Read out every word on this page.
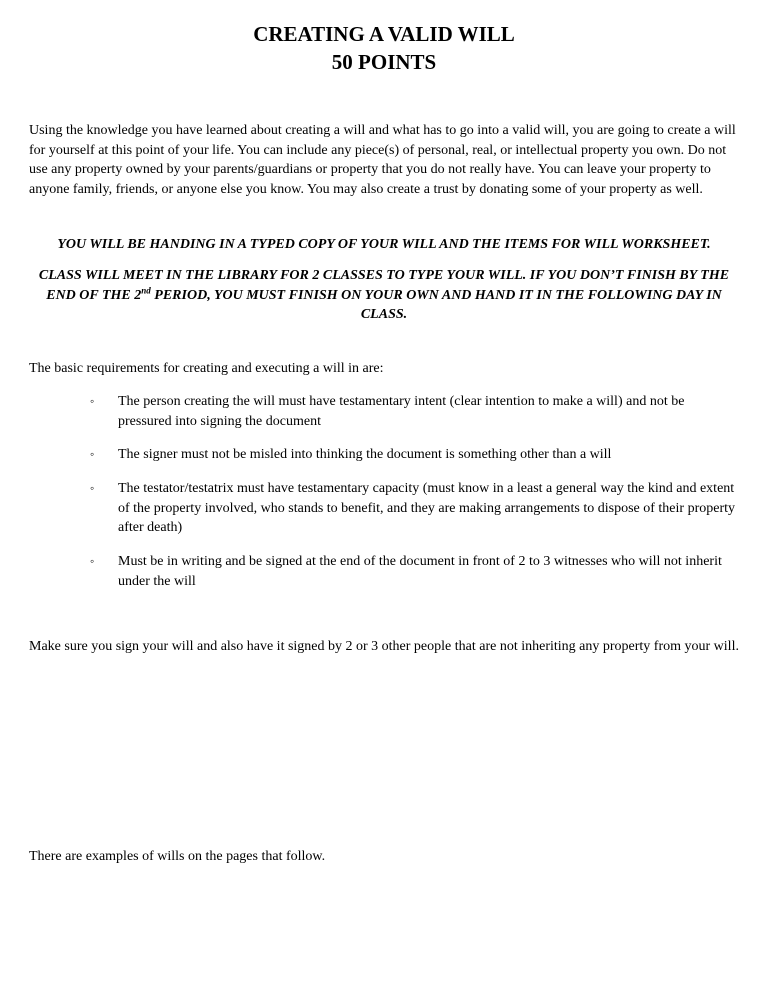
CREATING A VALID WILL
50 POINTS

Using the knowledge you have learned about creating a will and what has to go into a valid will, you are going to create a will for yourself at this point of your life. You can include any piece(s) of personal, real, or intellectual property you own. Do not use any property owned by your parents/guardians or property that you do not really have. You can leave your property to anyone family, friends, or anyone else you know. You may also create a trust by donating some of your property as well.

YOU WILL BE HANDING IN A TYPED COPY OF YOUR WILL AND THE ITEMS FOR WILL WORKSHEET.

CLASS WILL MEET IN THE LIBRARY FOR 2 CLASSES TO TYPE YOUR WILL. IF YOU DON’T FINISH BY THE END OF THE 2nd PERIOD, YOU MUST FINISH ON YOUR OWN AND HAND IT IN THE FOLLOWING DAY IN CLASS.

The basic requirements for creating and executing a will in are:

◦ The person creating the will must have testamentary intent (clear intention to make a will) and not be pressured into signing the document
◦ The signer must not be misled into thinking the document is something other than a will
◦ The testator/testatrix must have testamentary capacity (must know in a least a general way the kind and extent of the property involved, who stands to benefit, and they are making arrangements to dispose of their property after death)
◦ Must be in writing and be signed at the end of the document in front of 2 to 3 witnesses who will not inherit under the will

Make sure you sign your will and also have it signed by 2 or 3 other people that are not inheriting any property from your will.

There are examples of wills on the pages that follow.
